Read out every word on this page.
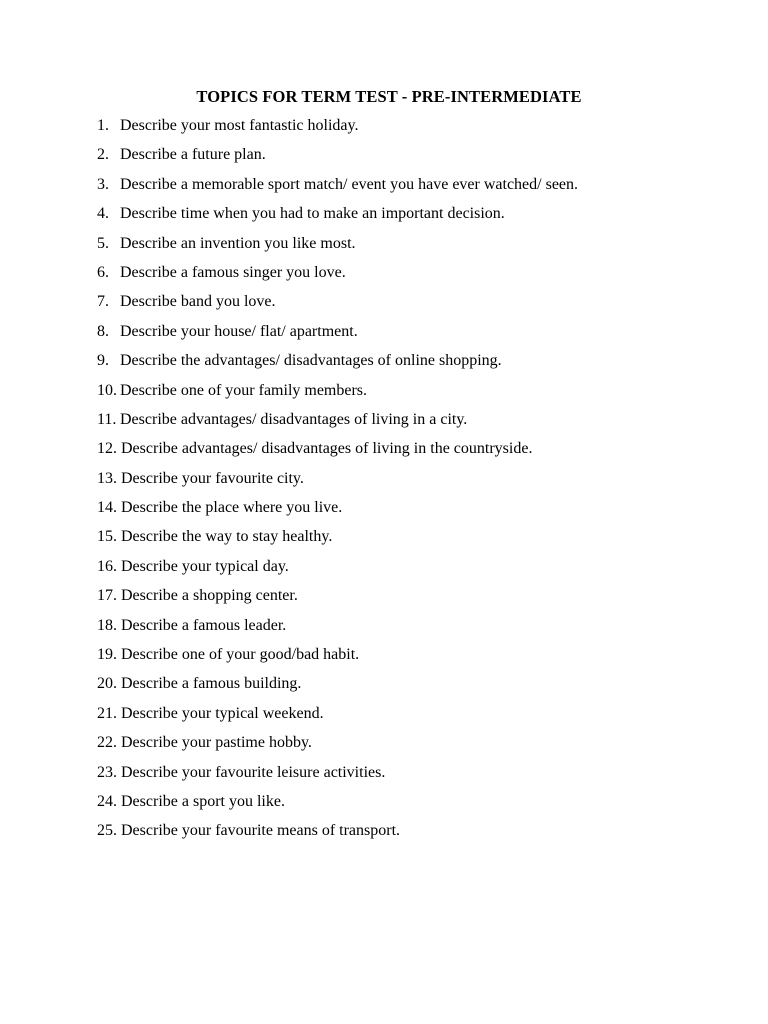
TOPICS FOR TERM TEST - PRE-INTERMEDIATE
1. Describe your most fantastic holiday.
2. Describe a future plan.
3. Describe a memorable sport match/ event you have ever watched/ seen.
4. Describe time when you had to make an important decision.
5. Describe an invention you like most.
6. Describe a famous singer you love.
7. Describe band you love.
8. Describe your house/ flat/ apartment.
9. Describe the advantages/ disadvantages of online shopping.
10. Describe one of your family members.
11. Describe advantages/ disadvantages of living in a city.
12. Describe advantages/ disadvantages of living in the countryside.
13. Describe your favourite city.
14. Describe the place where you live.
15. Describe the way to stay healthy.
16. Describe your typical day.
17. Describe a shopping center.
18. Describe a famous leader.
19. Describe one of your good/bad habit.
20. Describe a famous building.
21. Describe your typical weekend.
22. Describe your pastime hobby.
23. Describe your favourite leisure activities.
24. Describe a sport you like.
25. Describe your favourite means of transport.
